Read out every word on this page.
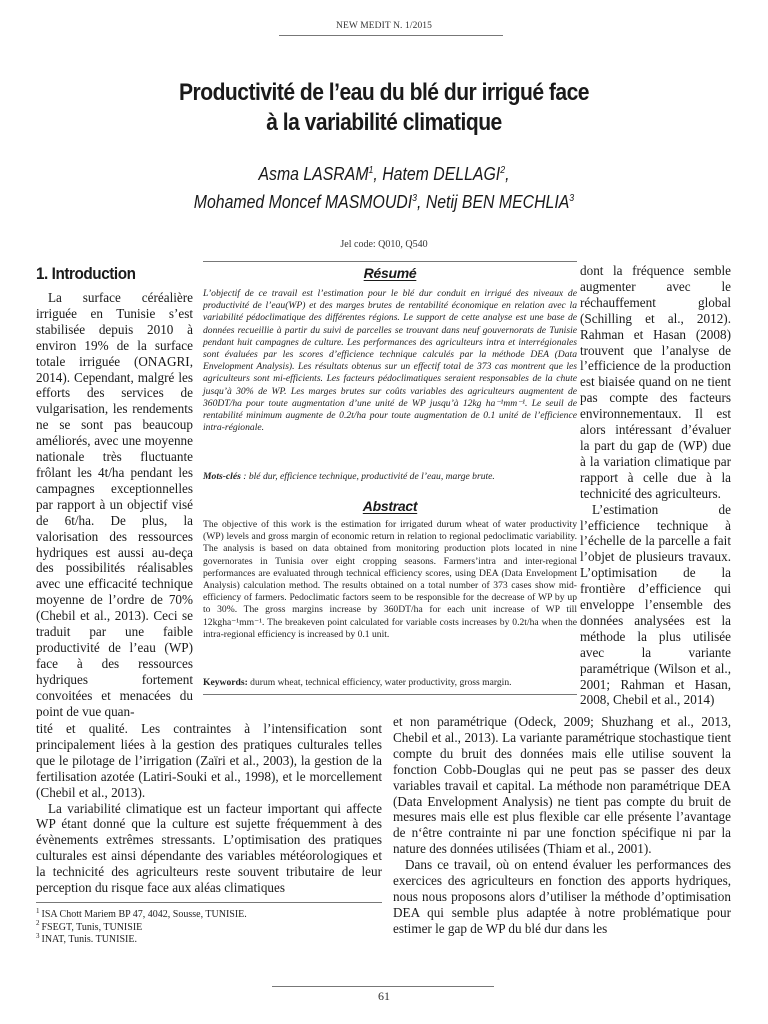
NEW MEDIT N. 1/2015
Productivité de l’eau du blé dur irrigué face
à la variabilité climatique
Asma LASRAM$^1$, Hatem DELLAGI$^2$,
Mohamed Moncef MASMOUDI$^3$, Netij BEN MECHLIA$^3$
Jel code: Q010, Q540
Résumé
L’objectif de ce travail est l’estimation pour le blé dur conduit en irrigué des niveaux de productivité de l’eau(WP) et des marges brutes de rentabilité économique en relation avec la variabilité pédoclimatique des différentes régions. Le support de cette analyse est une base de données recueillie à partir du suivi de parcelles se trouvant dans neuf gouvernorats de Tunisie pendant huit campagnes de culture. Les performances des agriculteurs intra et interrégionales sont évaluées par les scores d’efficience technique calculés par la méthode DEA (Data Envelopment Analysis). Les résultats obtenus sur un effectif total de 373 cas montrent que les agriculteurs sont mi-efficients. Les facteurs pédoclimatiques seraient responsables de la chute jusqu’à 30% de WP. Les marges brutes sur coûts variables des agriculteurs augmentent de 360DT/ha pour toute augmentation d’une unité de WP jusqu’à 12kg ha⁻¹mm⁻¹. Le seuil de rentabilité minimum augmente de 0.2t/ha pour toute augmentation de 0.1 unité de l’efficience intra-régionale.
Mots-clés : blé dur, efficience technique, productivité de l’eau, marge brute.
Abstract
The objective of this work is the estimation for irrigated durum wheat of water productivity (WP) levels and gross margin of economic return in relation to regional pedoclimatic variability. The analysis is based on data obtained from monitoring production plots located in nine governorates in Tunisia over eight cropping seasons. Farmers’intra and inter-regional performances are evaluated through technical efficiency scores, using DEA (Data Envelopment Analysis) calculation method. The results obtained on a total number of 373 cases show mid-efficiency of farmers. Pedoclimatic factors seem to be responsible for the decrease of WP by up to 30%. The gross margins increase by 360DT/ha for each unit increase of WP till 12kgha⁻¹mm⁻¹. The breakeven point calculated for variable costs increases by 0.2t/ha when the intra-regional efficiency is increased by 0.1 unit.
Keywords: durum wheat, technical efficiency, water productivity, gross margin.
1. Introduction
La surface céréalière irriguée en Tunisie s’est stabilisée depuis 2010 à environ 19% de la surface totale irriguée (ONAGRI, 2014). Cependant, malgré les efforts des services de vulgarisation, les rendements ne se sont pas beaucoup améliorés, avec une moyenne nationale très fluctuante frôlant les 4t/ha pendant les campagnes exceptionnelles par rapport à un objectif visé de 6t/ha. De plus, la valorisation des ressources hydriques est aussi au-deça des possibilités réalisables avec une efficacité technique moyenne de l’ordre de 70% (Chebil et al., 2013). Ceci se traduit par une faible productivité de l’eau (WP) face à des ressources hydriques fortement convoitées et menacées du point de vue quan-

tité et qualité. Les contraintes à l’intensification sont principalement liées à la gestion des pratiques culturales telles que le pilotage de l’irrigation (Zaïri et al., 2003), la gestion de la fertilisation azotée (Latiri-Souki et al., 1998), et le morcellement (Chebil et al., 2013).

La variabilité climatique est un facteur important qui affecte WP étant donné que la culture est sujette fréquemment à des évènements extrêmes stressants. L’optimisation des pratiques culturales est ainsi dépendante des variables météorologiques et la technicité des agriculteurs reste souvent tributaire de leur perception du risque face aux aléas climatiques

dont la fréquence semble augmenter avec le réchauffement global (Schilling et al., 2012). Rahman et Hasan (2008) trouvent que l’analyse de l’efficience de la production est biaisée quand on ne tient pas compte des facteurs environnementaux. Il est alors intéressant d’évaluer la part du gap de (WP) due à la variation climatique par rapport à celle due à la technicité des agriculteurs.

L’estimation de l’efficience technique à l’échelle de la parcelle a fait l’objet de plusieurs travaux. L’optimisation de la frontière d’efficience qui enveloppe l’ensemble des données analysées est la méthode la plus utilisée avec la variante paramétrique (Wilson et al., 2001; Rahman et Hasan, 2008, Chebil et al., 2014)

et non paramétrique (Odeck, 2009; Shuzhang et al., 2013, Chebil et al., 2013). La variante paramétrique stochastique tient compte du bruit des données mais elle utilise souvent la fonction Cobb-Douglas qui ne peut pas se passer des deux variables travail et capital. La méthode non paramétrique DEA (Data Envelopment Analysis) ne tient pas compte du bruit de mesures mais elle est plus flexible car elle présente l’avantage de n‘être contrainte ni par une fonction spécifique ni par la nature des données utilisées (Thiam et al., 2001).

Dans ce travail, où on entend évaluer les performances des exercices des agriculteurs en fonction des apports hydriques, nous nous proposons alors d’utiliser la méthode d’optimisation DEA qui semble plus adaptée à notre problématique pour estimer le gap de WP du blé dur dans les

$^1$ ISA Chott Mariem BP 47, 4042, Sousse, TUNISIE.
$^2$ FSEGT, Tunis, TUNISIE
$^3$ INAT, Tunis. TUNISIE.
61
